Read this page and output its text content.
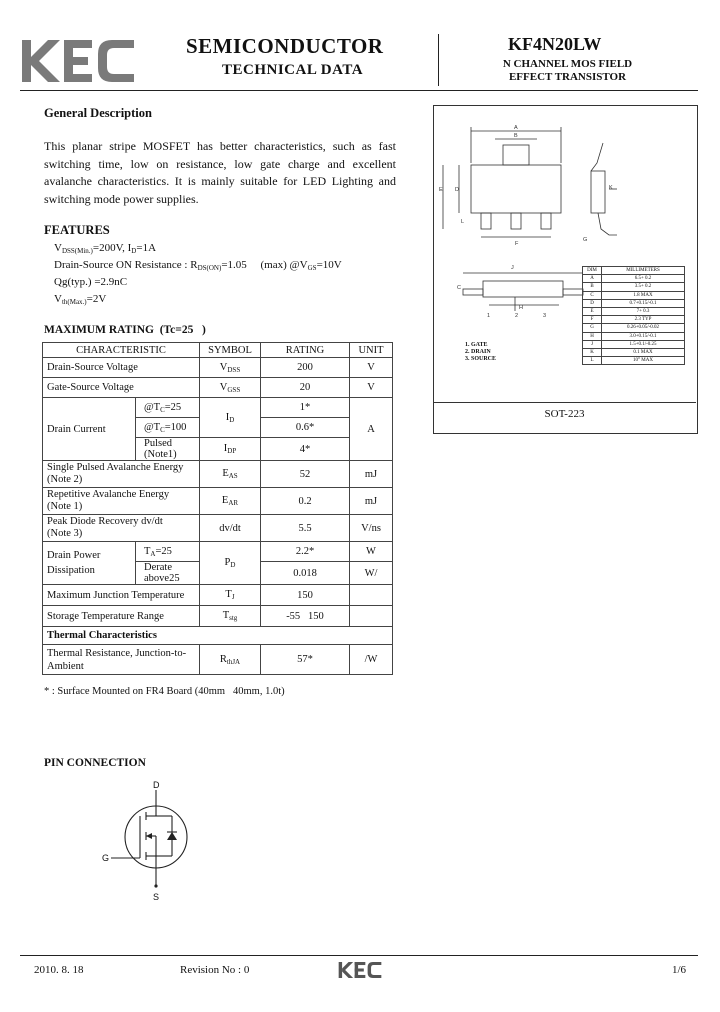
SEMICONDUCTOR
TECHNICAL DATA
KF4N20LW
N CHANNEL MOS FIELD
EFFECT TRANSISTOR
General Description
This planar stripe MOSFET has better characteristics, such as fast switching time, low on resistance, low gate charge and excellent avalanche characteristics. It is mainly suitable for LED Lighting and switching mode power supplies.
FEATURES
VDSS(Min.)=200V, ID=1A
Drain-Source ON Resistance : RDS(ON)=1.05     (max) @VGS=10V
Qg(typ.) =2.9nC
Vth(Max.)=2V
MAXIMUM RATING  (Tc=25   )
CHARACTERISTIC		SYMBOL	RATING	UNIT
Drain-Source Voltage		VDSS	200	V
Gate-Source Voltage		VGSS	20	V
Drain Current	@TC=25	ID	1*	A
	@TC=100		0.6*	
	Pulsed (Note1)	IDP	4*	

Single Pulsed Avalanche Energy
(Note 2)		EAS	52	mJ

Repetitive Avalanche Energy
(Note 1)		EAR	0.2	mJ

Peak Diode Recovery dv/dt
(Note 3)		dv/dt	5.5	V/ns

Drain Power
Dissipation	TA=25	PD	2.2*	W
	Derate above25		0.018	W/
Maximum Junction Temperature		TJ	150	
Storage Temperature Range		Tstg	-55   150	
Thermal Characteristics				

Thermal Resistance, Junction-to-
Ambient		RthJA	57*	/W
* : Surface Mounted on FR4 Board (40mm   40mm, 1.0t)
A
B
E D
F
L
K
G
C
H
J
1	2	3
DIM	MILLIMETERS
A	6.5+ 0.2
B	3.5+ 0.2
C	1.8 MAX
D	0.7+0.15/-0.1
E	7+ 0.3
F	2.3 TYP
G	0.26+0.05/-0.02
H	3.0+0.15/-0.1
J	1.5+0.1/-0.25
K	0.1 MAX
L	10° MAX
1. GATE
2. DRAIN
3. SOURCE
SOT-223
PIN CONNECTION
D
G
S
2010. 8. 18	Revision No : 0	1/6
